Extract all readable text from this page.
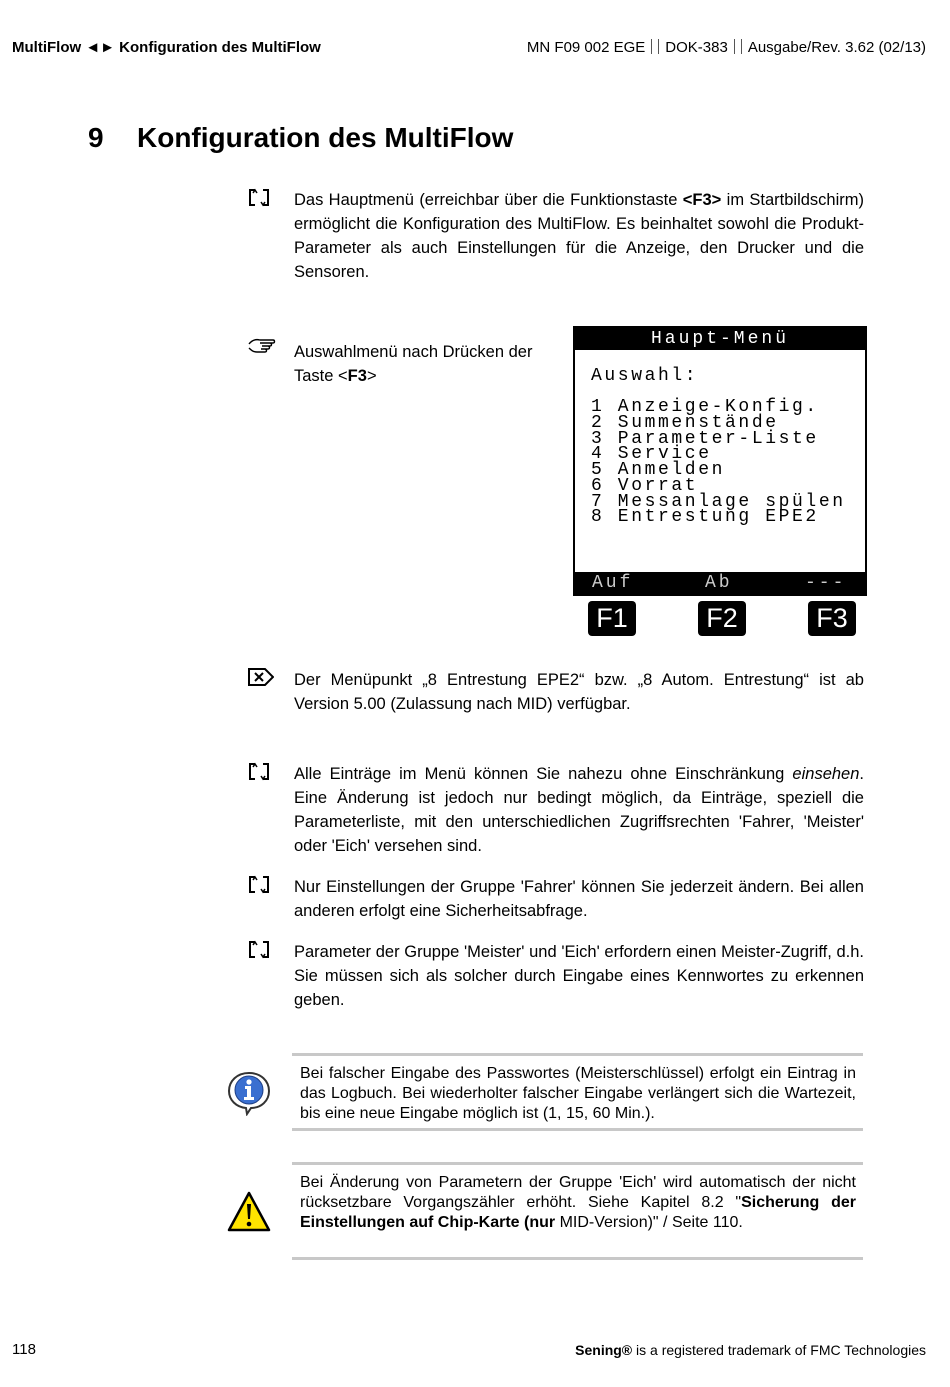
MultiFlow ◄► Konfiguration des MultiFlow	MN F09 002 EGE DOK-383 Ausgabe/Rev. 3.62 (02/13)
9 Konfiguration des MultiFlow
Das Hauptmenü (erreichbar über die Funktionstaste <F3> im Startbildschirm) ermöglicht die Konfiguration des MultiFlow. Es beinhaltet sowohl die Produkt-Parameter als auch Einstellungen für die Anzeige, den Drucker und die Sensoren.
Auswahlmenü nach Drücken der Taste <F3>
Haupt-Menü
Auswahl:
1 Anzeige-Konfig.
2 Summenstände
3 Parameter-Liste
4 Service
5 Anmelden
6 Vorrat
7 Messanlage spülen
8 Entrestung EPE2
Auf	Ab	---
F1	F2	F3
Der Menüpunkt „8 Entrestung EPE2“ bzw. „8 Autom. Entrestung“ ist ab Version 5.00 (Zulassung nach MID) verfügbar.
Alle Einträge im Menü können Sie nahezu ohne Einschränkung einsehen. Eine Änderung ist jedoch nur bedingt möglich, da Einträge, speziell die Parameterliste, mit den unterschiedlichen Zugriffsrechten 'Fahrer, 'Meister' oder 'Eich' versehen sind.
Nur Einstellungen der Gruppe 'Fahrer' können Sie jederzeit ändern. Bei allen anderen erfolgt eine Sicherheitsabfrage.
Parameter der Gruppe 'Meister' und 'Eich' erfordern einen Meister-Zugriff, d.h. Sie müssen sich als solcher durch Eingabe eines Kennwortes zu erkennen geben.
Bei falscher Eingabe des Passwortes (Meisterschlüssel) erfolgt ein Eintrag in das Logbuch. Bei wiederholter falscher Eingabe verlängert sich die Wartezeit, bis eine neue Eingabe möglich ist (1, 15, 60 Min.).
Bei Änderung von Parametern der Gruppe 'Eich' wird automatisch der nicht rücksetzbare Vorgangszähler erhöht. Siehe Kapitel 8.2 "Sicherung der Einstellungen auf Chip-Karte (nur MID-Version)" / Seite 110.
118	Sening® is a registered trademark of FMC Technologies
